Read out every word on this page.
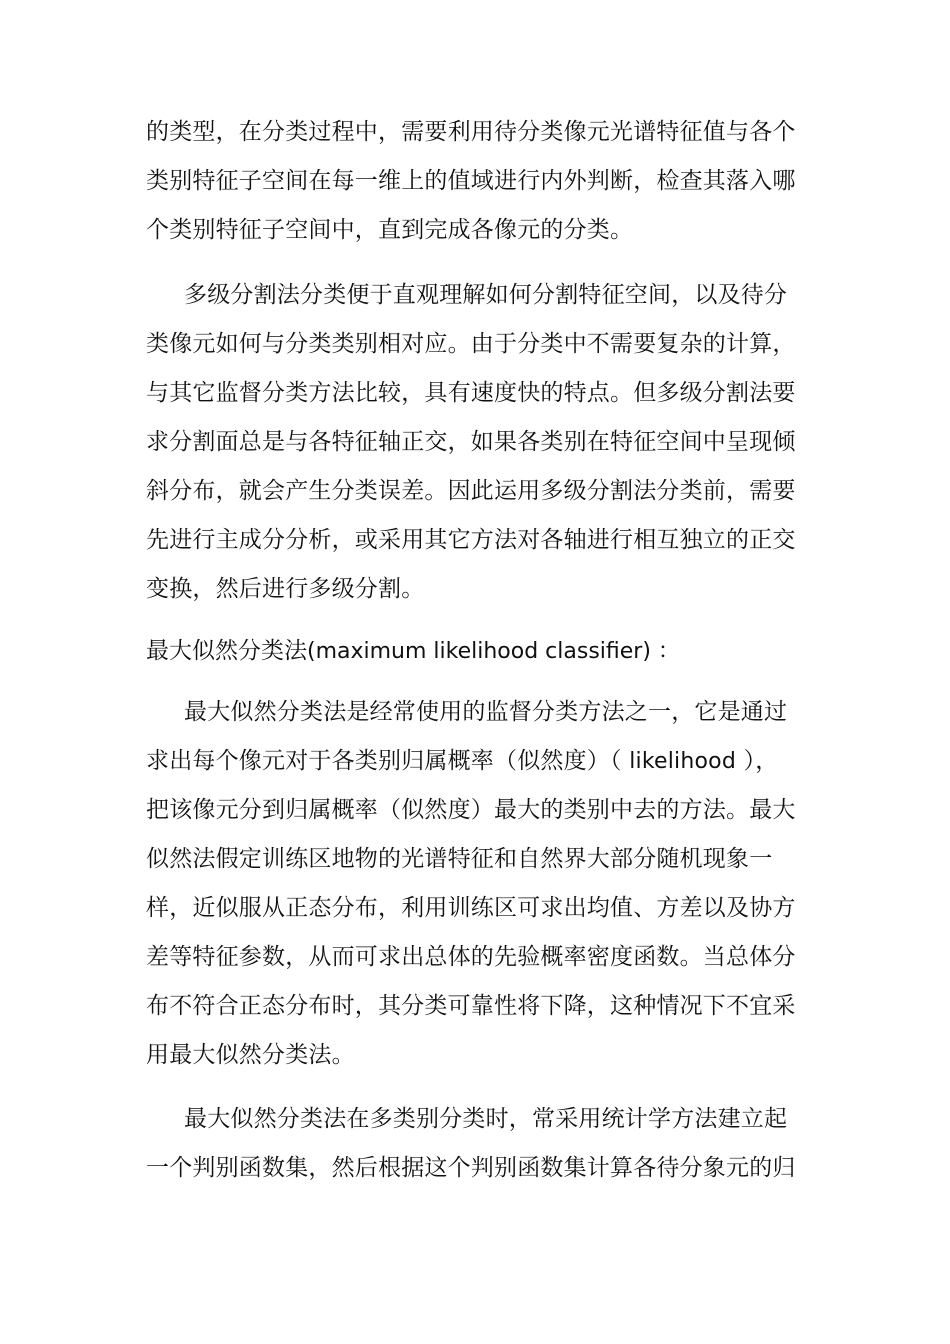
的类型，在分类过程中，需要利用待分类像元光谱特征值与各个
类别特征子空间在每一维上的值域进行内外判断，检查其落入哪
个类别特征子空间中，直到完成各像元的分类。
多级分割法分类便于直观理解如何分割特征空间，以及待分
类像元如何与分类类别相对应。由于分类中不需要复杂的计算，
与其它监督分类方法比较，具有速度快的特点。但多级分割法要
求分割面总是与各特征轴正交，如果各类别在特征空间中呈现倾
斜分布，就会产生分类误差。因此运用多级分割法分类前，需要
先进行主成分分析，或采用其它方法对各轴进行相互独立的正交
变换，然后进行多级分割。
最大似然分类法(maximum likelihood classifier) ：
最大似然分类法是经常使用的监督分类方法之一，它是通过
求出每个像元对于各类别归属概率（似然度）（ likelihood ），
把该像元分到归属概率（似然度）最大的类别中去的方法。最大
似然法假定训练区地物的光谱特征和自然界大部分随机现象一
样，近似服从正态分布，利用训练区可求出均值、方差以及协方
差等特征参数，从而可求出总体的先验概率密度函数。当总体分
布不符合正态分布时，其分类可靠性将下降，这种情况下不宜采
用最大似然分类法。
最大似然分类法在多类别分类时，常采用统计学方法建立起
一个判别函数集，然后根据这个判别函数集计算各待分象元的归
